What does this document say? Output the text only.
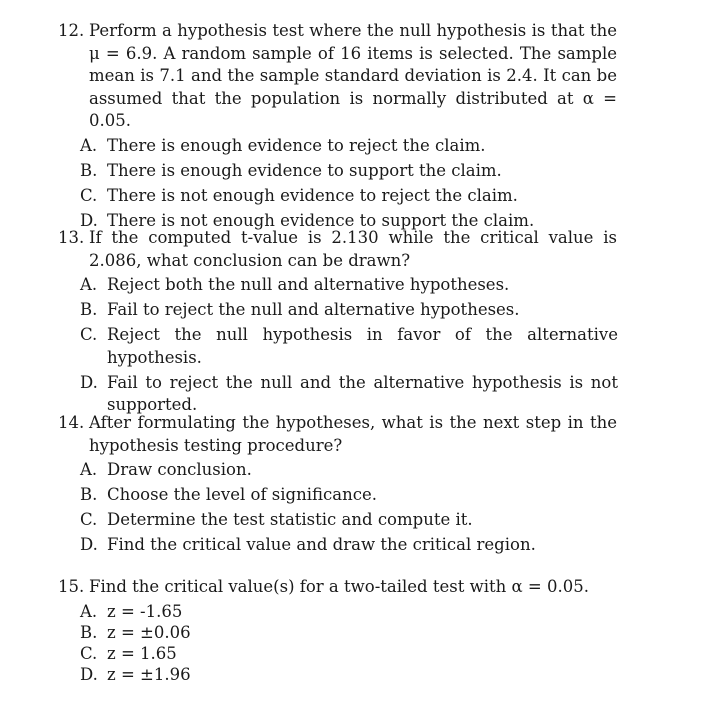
12. Perform a hypothesis test where the null hypothesis is that the μ = 6.9. A random sample of 16 items is selected. The sample mean is 7.1 and the sample standard deviation is 2.4. It can be assumed that the population is normally distributed at α = 0.05.
A. There is enough evidence to reject the claim.
B. There is enough evidence to support the claim.
C. There is not enough evidence to reject the claim.
D. There is not enough evidence to support the claim.
13. If the computed t-value is 2.130 while the critical value is 2.086, what conclusion can be drawn?
A. Reject both the null and alternative hypotheses.
B. Fail to reject the null and alternative hypotheses.
C. Reject the null hypothesis in favor of the alternative hypothesis.
D. Fail to reject the null and the alternative hypothesis is not supported.
14. After formulating the hypotheses, what is the next step in the hypothesis testing procedure?
A. Draw conclusion.
B. Choose the level of significance.
C. Determine the test statistic and compute it.
D. Find the critical value and draw the critical region.
15. Find the critical value(s) for a two-tailed test with α = 0.05.
A. z = -1.65
B. z = ±0.06
C. z = 1.65
D. z = ±1.96
